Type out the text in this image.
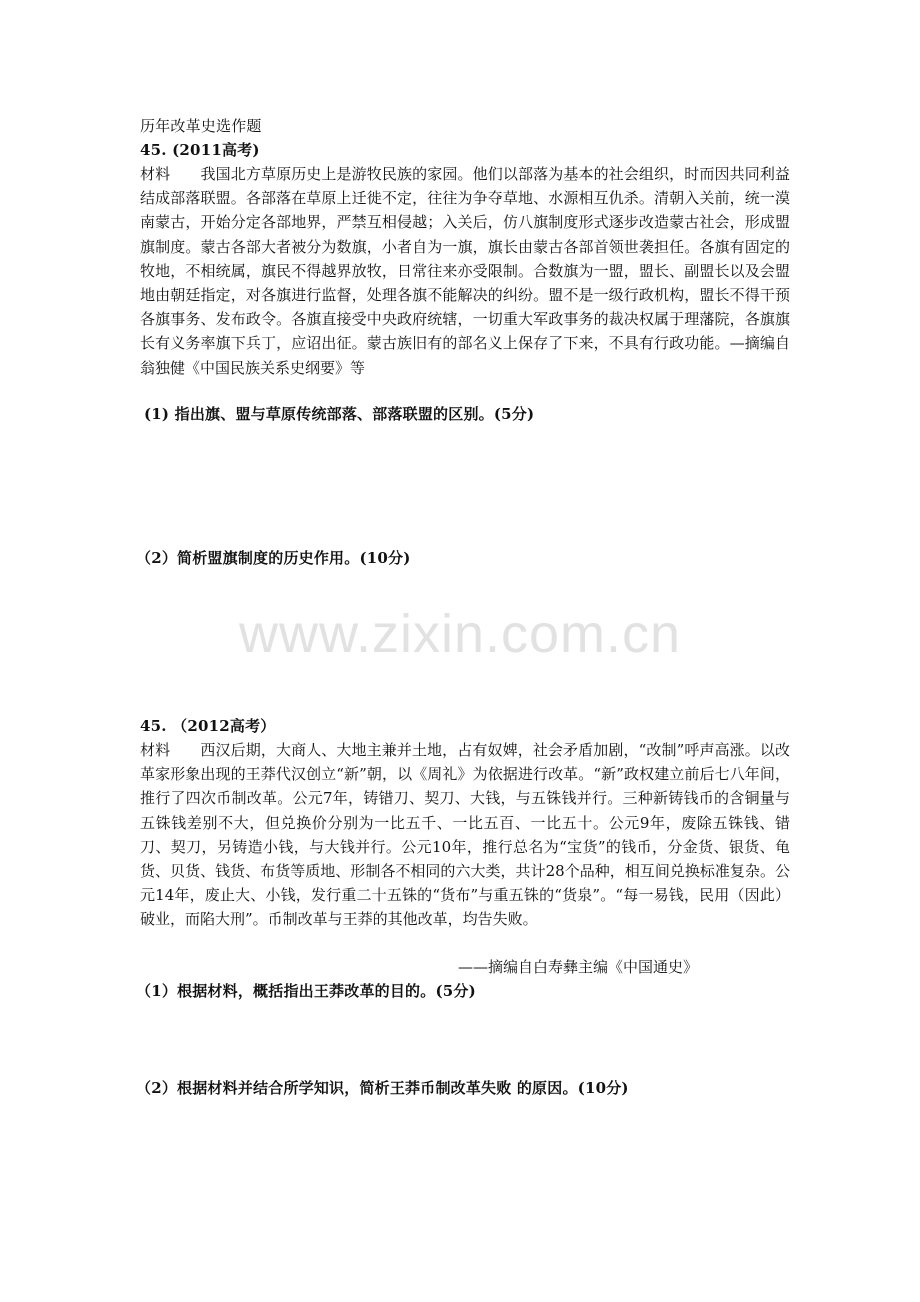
历年改革史选作题
45. (2011高考)
材料　　我国北方草原历史上是游牧民族的家园。他们以部落为基本的社会组织，时而因共同利益结成部落联盟。各部落在草原上迁徙不定，往往为争夺草地、水源相互仇杀。清朝入关前，统一漠南蒙古，开始分定各部地界，严禁互相侵越；入关后，仿八旗制度形式逐步改造蒙古社会，形成盟旗制度。蒙古各部大者被分为数旗，小者自为一旗，旗长由蒙古各部首领世袭担任。各旗有固定的牧地，不相统属，旗民不得越界放牧，日常往来亦受限制。合数旗为一盟，盟长、副盟长以及会盟地由朝廷指定，对各旗进行监督，处理各旗不能解决的纠纷。盟不是一级行政机构，盟长不得干预各旗事务、发布政令。各旗直接受中央政府统辖，一切重大军政事务的裁决权属于理藩院，各旗旗长有义务率旗下兵丁，应诏出征。蒙古族旧有的部名义上保存了下来，不具有行政功能。—摘编自翁独健《中国民族关系史纲要》等
(1) 指出旗、盟与草原传统部落、部落联盟的区别。(5分)
（2）简析盟旗制度的历史作用。(10分)
www.zixin.com.cn
45. （2012高考）
材料　　西汉后期，大商人、大地主兼并土地，占有奴婢，社会矛盾加剧，“改制”呼声高涨。以改革家形象出现的王莽代汉创立“新”朝，以《周礼》为依据进行改革。“新”政权建立前后七八年间，推行了四次币制改革。公元7年，铸错刀、契刀、大钱，与五铢钱并行。三种新铸钱币的含铜量与五铢钱差别不大，但兑换价分别为一比五千、一比五百、一比五十。公元9年，废除五铢钱、错刀、契刀，另铸造小钱，与大钱并行。公元10年，推行总名为“宝货”的钱币，分金货、银货、龟货、贝货、钱货、布货等质地、形制各不相同的六大类，共计28个品种，相互间兑换标准复杂。公元14年，废止大、小钱，发行重二十五铢的“货布”与重五铢的“货泉”。“每一易钱，民用（因此）破业，而陷大刑”。币制改革与王莽的其他改革，均告失败。
——摘编自白寿彝主编《中国通史》
（1）根据材料，概括指出王莽改革的目的。(5分)
（2）根据材料并结合所学知识，简析王莽币制改革失败 的原因。(10分)
